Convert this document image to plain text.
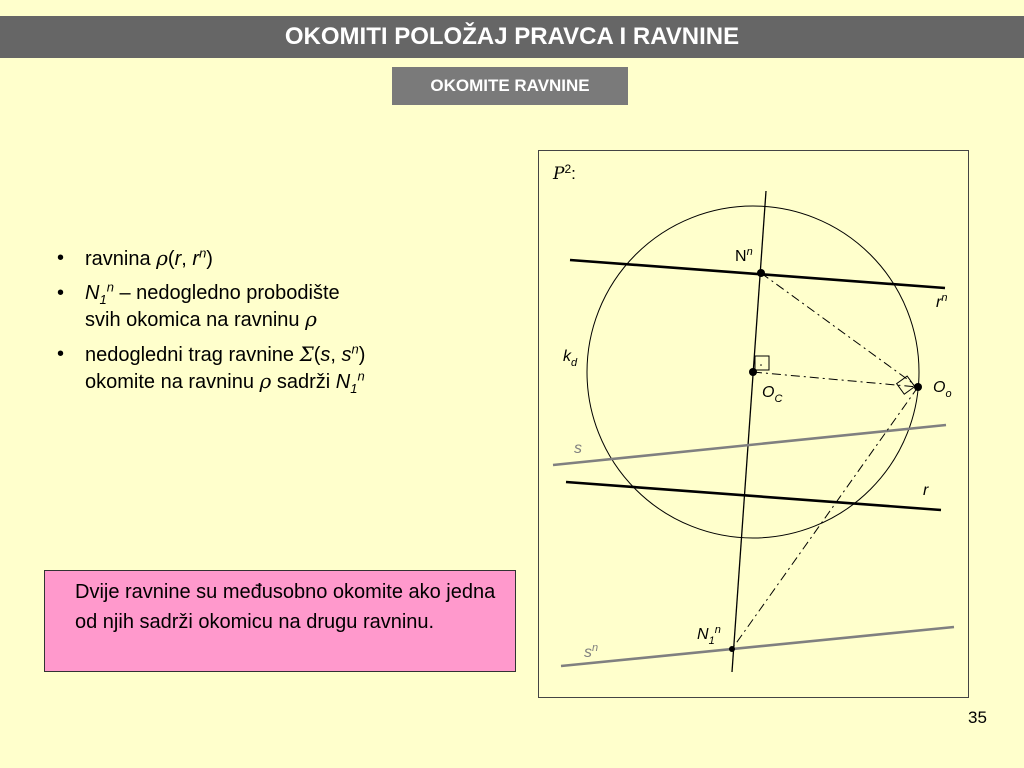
OKOMITI POLOŽAJ PRAVCA I RAVNINE
OKOMITE RAVNINE
• ravnina ρ(r, $r^n$)
• $N_1^n$ – nedogledno probodište
svih okomica na ravninu ρ
• nedogledni trag ravnine Σ(s, $s^n$)
okomite na ravninu ρ sadrži $N_1^n$
Dvije ravnine su međusobno okomite ako jedna od njih sadrži okomicu na drugu ravninu.
$P^2$:
$N^n$
$r^n$
$k_d$
$O_C$
$O_o$
s
r
$N_1^n$
$s^n$
35
